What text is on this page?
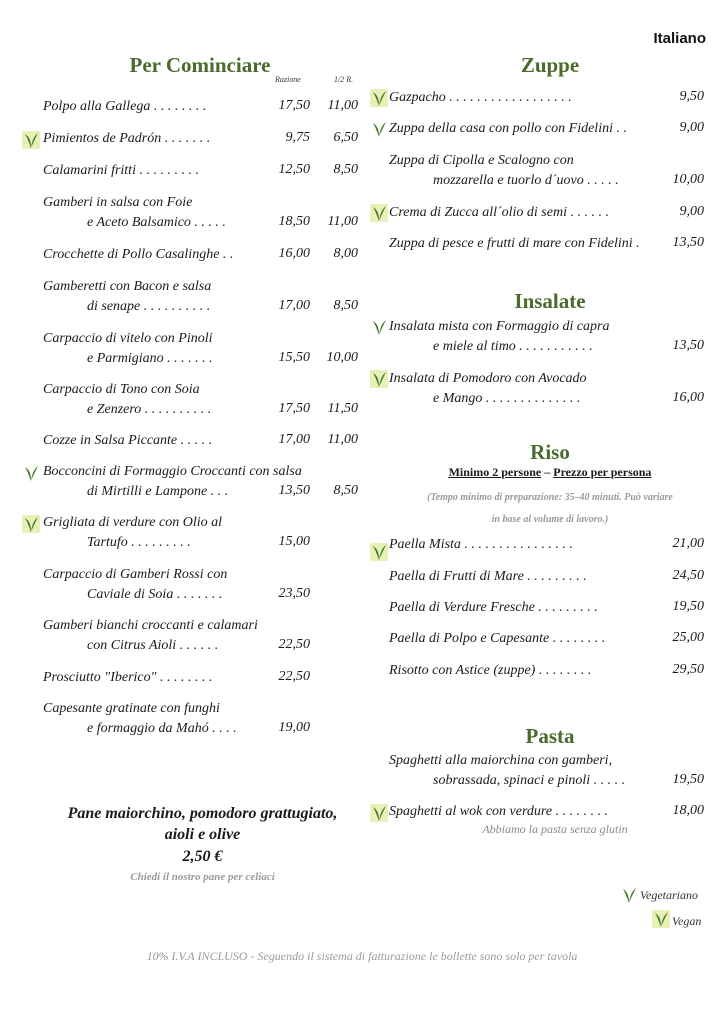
Italiano
Per Cominciare
Razione	1/2 R.
Polpo alla Gallega . . . . . . . .	17,50 11,00
Pimientos de Padrón . . . . . . .	9,75 6,50
Calamarini fritti . . . . . . . . .	12,50 8,50
Gamberi in salsa con Foie
e Aceto Balsamico . . . . .	18,50 11,00
Crocchette di Pollo Casalinghe . .	16,00 8,00
Gamberetti con Bacon e salsa
di senape . . . . . . . . . .	17,00 8,50
Carpaccio di vitelo con Pinoli
e Parmigiano . . . . . . .	15,50 10,00
Carpaccio di Tono con Soia
e Zenzero . . . . . . . . . .	17,50 11,50
Cozze in Salsa Piccante . . . . .	17,00 11,00
Bocconcini di Formaggio Croccanti con salsa
di Mirtilli e Lampone . . .	13,50 8,50
Grigliata di verdure con Olio al
Tartufo . . . . . . . . .	15,00
Carpaccio di Gamberi Rossi con
Caviale di Soia . . . . . . .	23,50
Gamberi bianchi croccanti e calamari
con Citrus Aioli . . . . . .	22,50
Prosciutto "Iberico" . . . . . . . .	22,50
Capesante gratinate con funghi
e formaggio da Mahó . . . .	19,00
Pane maiorchino, pomodoro grattugiato,
aioli e olive
2,50 €
Chiedi il nostro pane per celiaci
Zuppe
Gazpacho . . . . . . . . . . . . . . . . . .	9,50
Zuppa della casa con pollo con Fidelini . .	9,00
Zuppa di Cipolla e Scalogno con
mozzarella e tuorlo d´uovo . . . . .	10,00
Crema di Zucca all´olio di semi . . . . . .	9,00
Zuppa di pesce e frutti di mare con Fidelini . 13,50
Insalate
Insalata mista con Formaggio di capra
e miele al timo . . . . . . . . . . .	13,50
Insalata di Pomodoro con Avocado
e Mango . . . . . . . . . . . . . .	16,00
Riso
Minimo 2 persone – Prezzo per persona
(Tempo minimo di preparazione: 35–40 minuti. Può variare
in base al volume di lavoro.)
Paella Mista . . . . . . . . . . . . . . . .	21,00
Paella di Frutti di Mare . . . . . . . . .	24,50
Paella di Verdure Fresche . . . . . . . . .	19,50
Paella di Polpo e Capesante . . . . . . . .	25,00
Risotto con Astice (zuppe) . . . . . . . .	29,50
Pasta
Spaghetti alla maiorchina con gamberi,
sobrassada, spinaci e pinoli . . . . .	19,50
Spaghetti al wok con verdure . . . . . . . .	18,00
Abbiamo la pasta senza glutin
Vegetariano
Vegan
10% I.V.A INCLUSO - Seguendo il sistema di fatturazione le bollette sono solo per tavola
